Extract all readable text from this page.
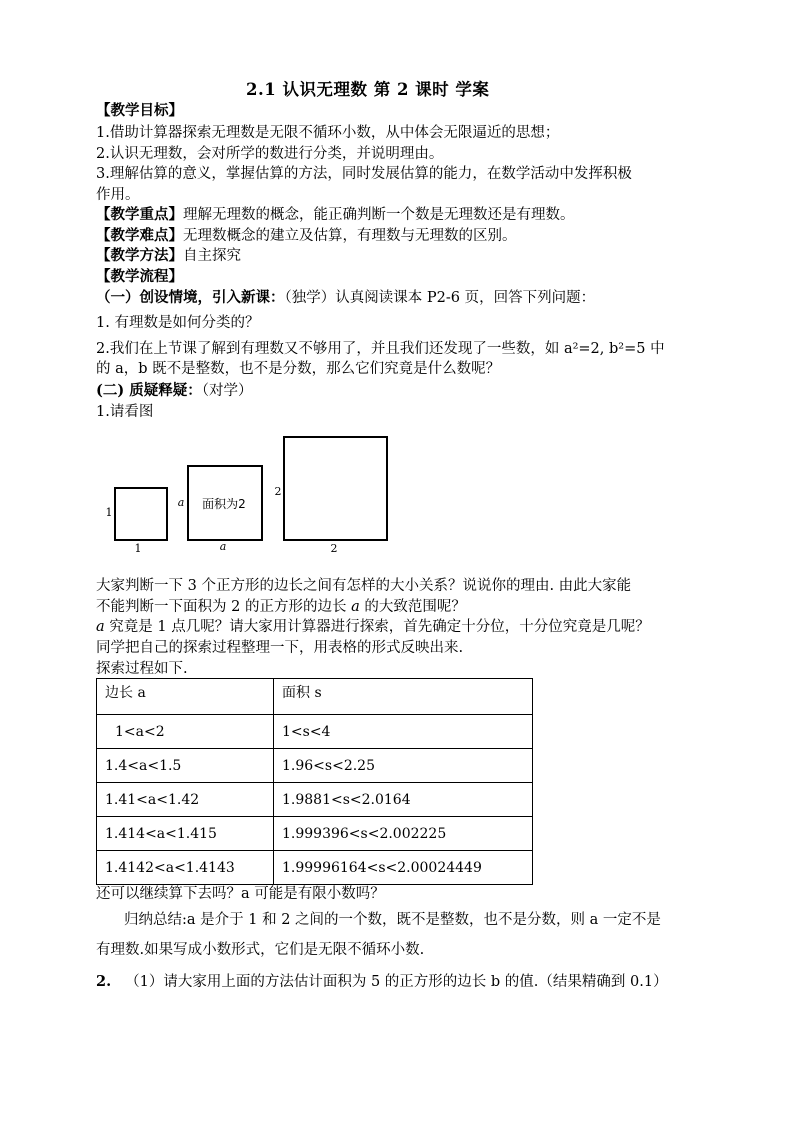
2.1 认识无理数 第 2 课时 学案
【教学目标】
1.借助计算器探索无理数是无限不循环小数，从中体会无限逼近的思想；
2.认识无理数，会对所学的数进行分类，并说明理由。
3.理解估算的意义，掌握估算的方法，同时发展估算的能力，在数学活动中发挥积极
作用。
【教学重点】理解无理数的概念，能正确判断一个数是无理数还是有理数。
【教学难点】无理数概念的建立及估算，有理数与无理数的区别。
【教学方法】自主探究
【教学流程】
（一）创设情境，引入新课：（独学）认真阅读课本 P2-6 页，回答下列问题：
1. 有理数是如何分类的？
2.我们在上节课了解到有理数又不够用了，并且我们还发现了一些数，如 a²=2, b²=5 中
的 a，b 既不是整数，也不是分数，那么它们究竟是什么数呢？
(二) 质疑释疑：（对学）
1.请看图
1
1
a
a
面积为2
2
2
大家判断一下 3 个正方形的边长之间有怎样的大小关系？说说你的理由. 由此大家能
不能判断一下面积为 2 的正方形的边长 a 的大致范围呢？
a 究竟是 1 点几呢？请大家用计算器进行探索，首先确定十分位，十分位究竟是几呢？
同学把自己的探索过程整理一下，用表格的形式反映出来.
探索过程如下.
边长 a	面积 s
1<a<2	1<s<4
1.4<a<1.5	1.96<s<2.25
1.41<a<1.42	1.9881<s<2.0164
1.414<a<1.415	1.999396<s<2.002225
1.4142<a<1.4143	1.99996164<s<2.00024449
还可以继续算下去吗？a 可能是有限小数吗？
归纳总结:a 是介于 1 和 2 之间的一个数，既不是整数，也不是分数，则 a 一定不是
有理数.如果写成小数形式，它们是无限不循环小数.
2. （1）请大家用上面的方法估计面积为 5 的正方形的边长 b 的值.（结果精确到 0.1）
